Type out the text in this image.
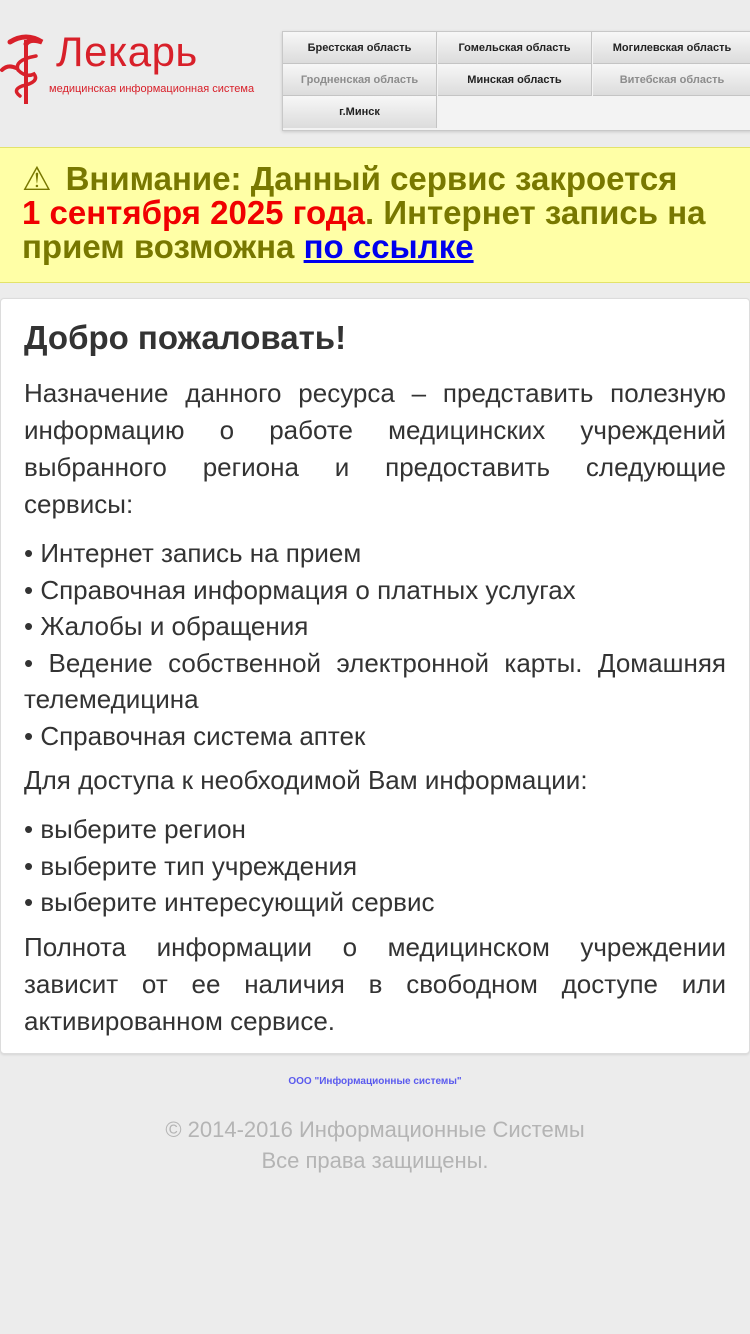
Лекарь
медицинская информационная система
Брестская область	Гомельская область	Могилевская область
Гродненская область	Минская область	Витебская область
г.Минск
⚠ Внимание: Данный сервис закроется
1 сентября 2025 года. Интернет запись на прием возможна по ссылке
Добро пожаловать!

Назначение данного ресурса – представить полезную информацию о работе медицинских учреждений выбранного региона и предоставить следующие сервисы:

• Интернет запись на прием
• Справочная информация о платных услугах
• Жалобы и обращения
• Ведение собственной электронной карты. Домашняя телемедицина
• Справочная система аптек

Для доступа к необходимой Вам информации:

• выберите регион
• выберите тип учреждения
• выберите интересующий сервис

Полнота информации о медицинском учреждении зависит от ее наличия в свободном доступе или активированном сервисе.

ООО "Информационные системы"
© 2014-2016 Информационные Системы
Все права защищены.
